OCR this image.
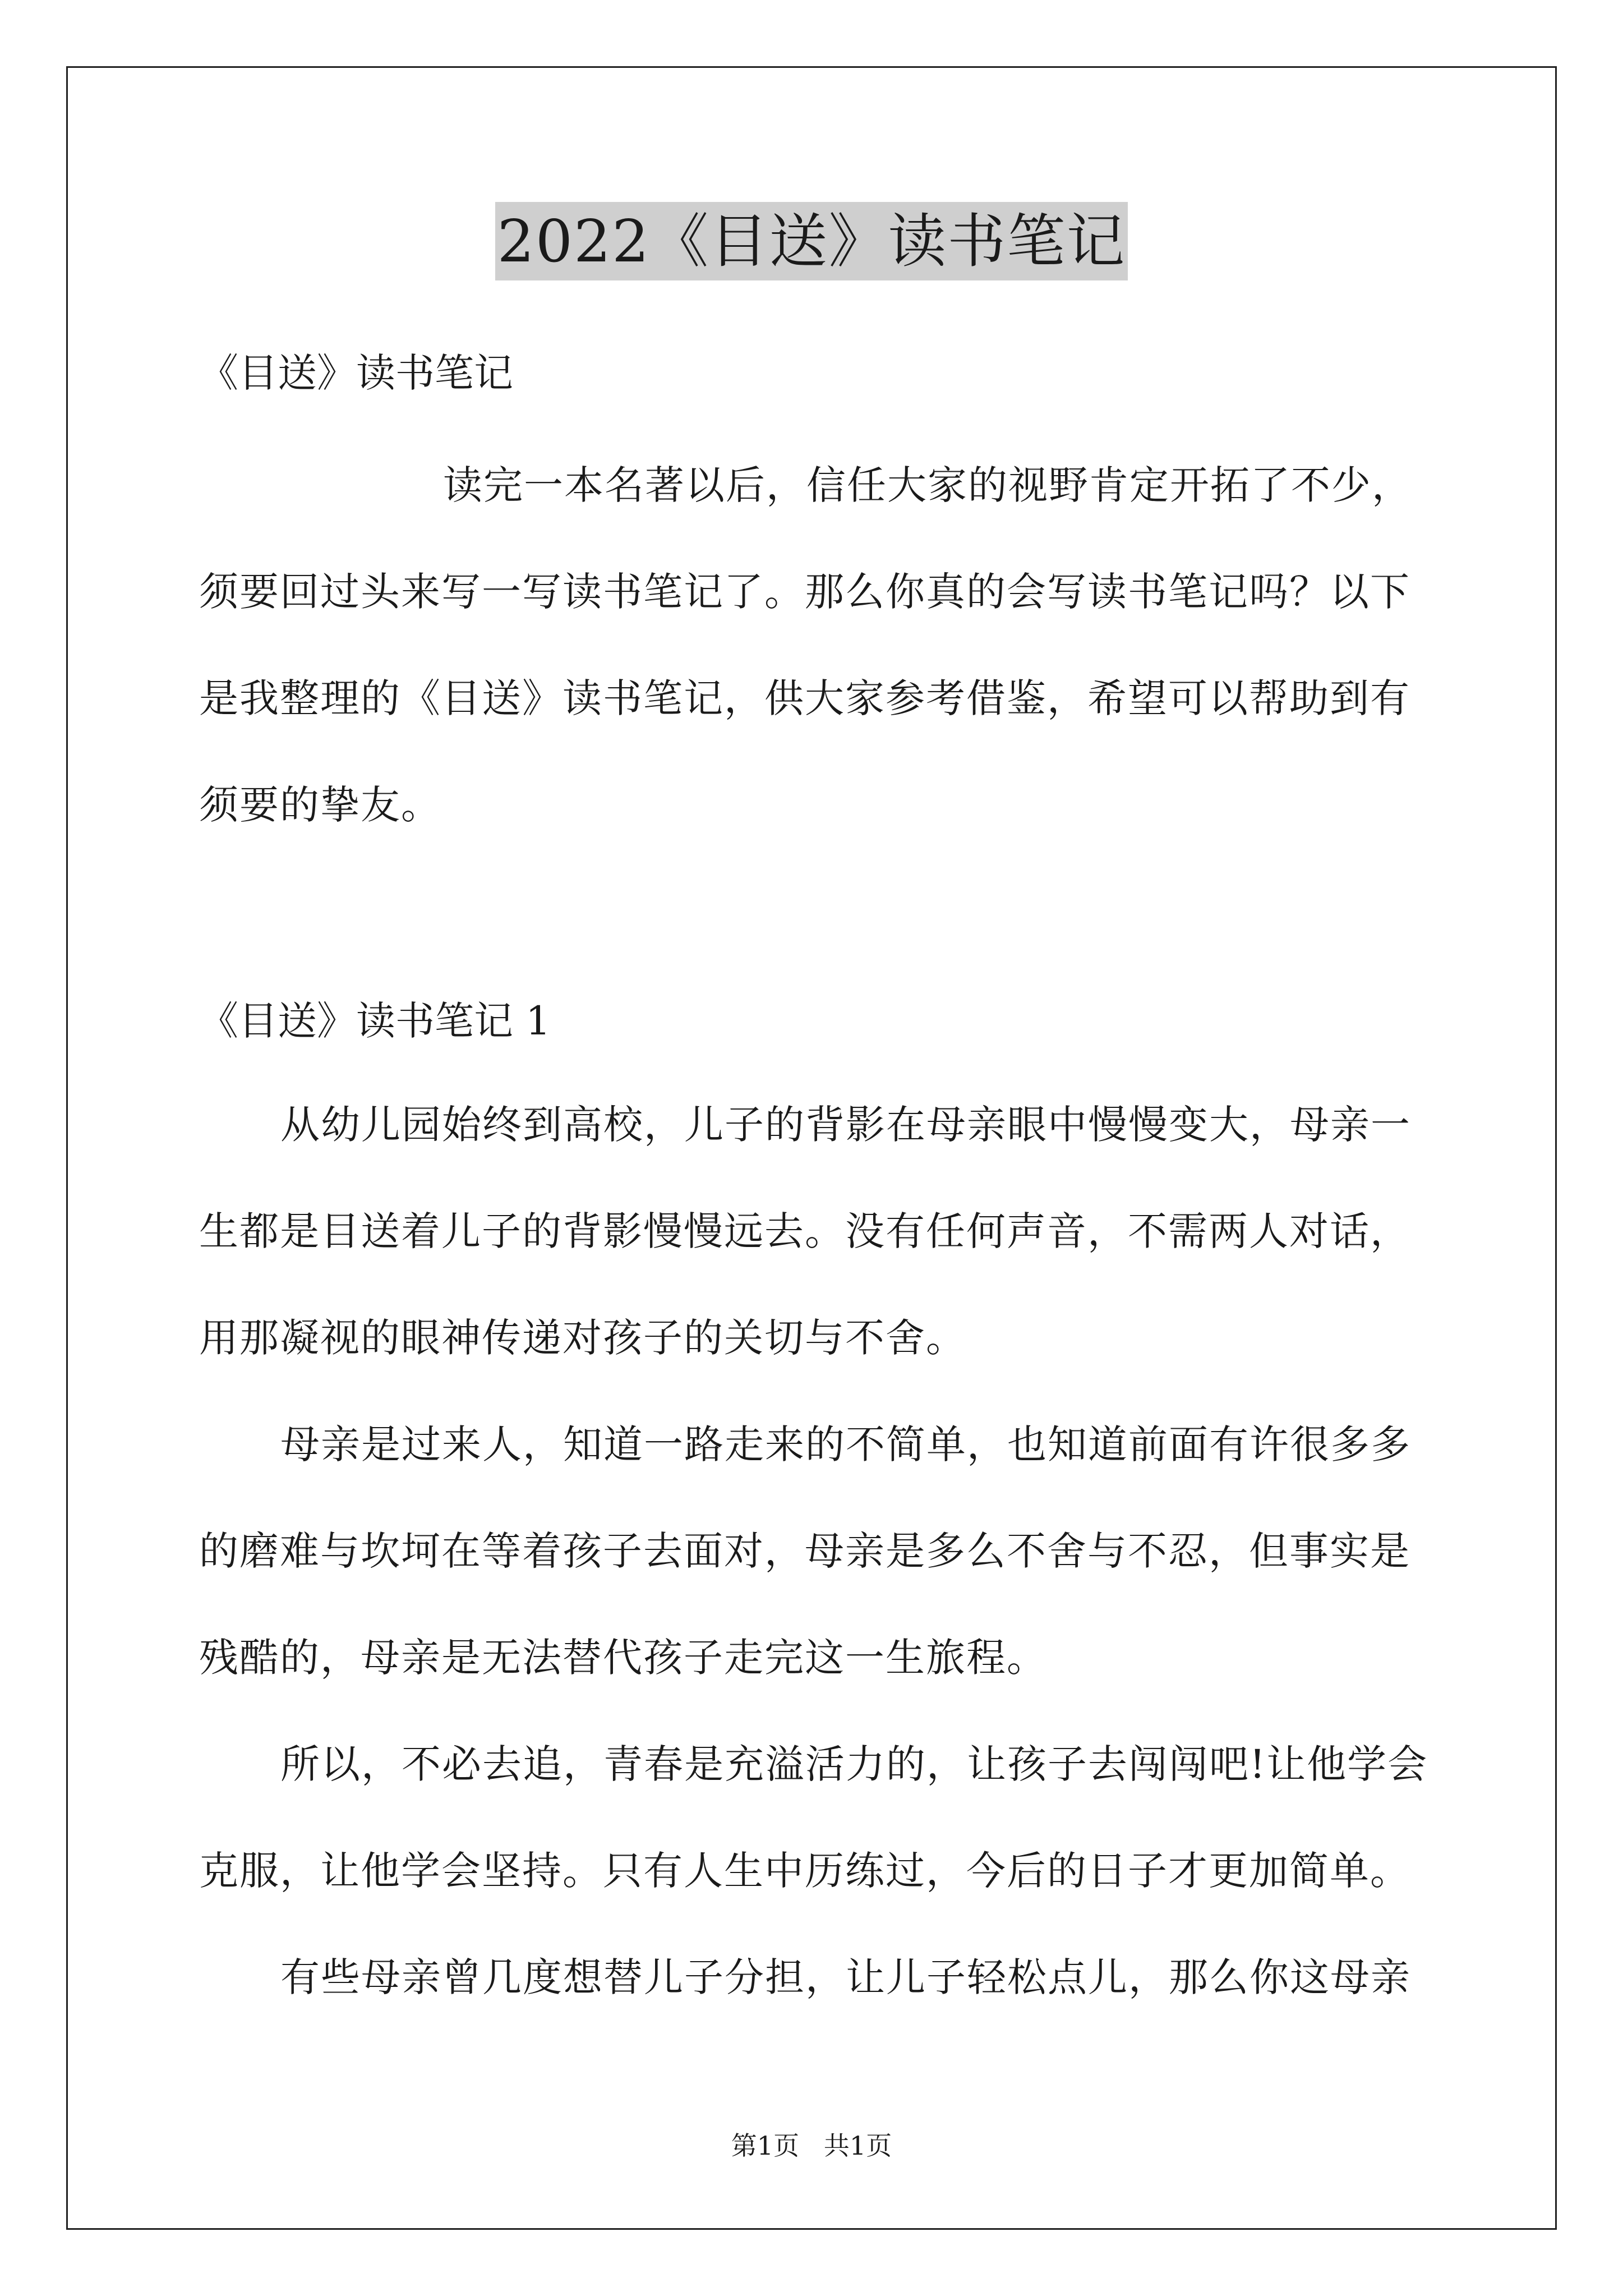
2022《目送》读书笔记
《目送》读书笔记
读完一本名著以后，信任大家的视野肯定开拓了不少，
须要回过头来写一写读书笔记了。那么你真的会写读书笔记吗？以下
是我整理的《目送》读书笔记，供大家参考借鉴，希望可以帮助到有
须要的挚友。
《目送》读书笔记 1
从幼儿园始终到高校，儿子的背影在母亲眼中慢慢变大，母亲一
生都是目送着儿子的背影慢慢远去。没有任何声音，不需两人对话，
用那凝视的眼神传递对孩子的关切与不舍。
母亲是过来人，知道一路走来的不简单，也知道前面有许很多多
的磨难与坎坷在等着孩子去面对，母亲是多么不舍与不忍，但事实是
残酷的，母亲是无法替代孩子走完这一生旅程。
所以，不必去追，青春是充溢活力的，让孩子去闯闯吧!让他学会
克服，让他学会坚持。只有人生中历练过，今后的日子才更加简单。
有些母亲曾几度想替儿子分担，让儿子轻松点儿，那么你这母亲
第1页   共1页
